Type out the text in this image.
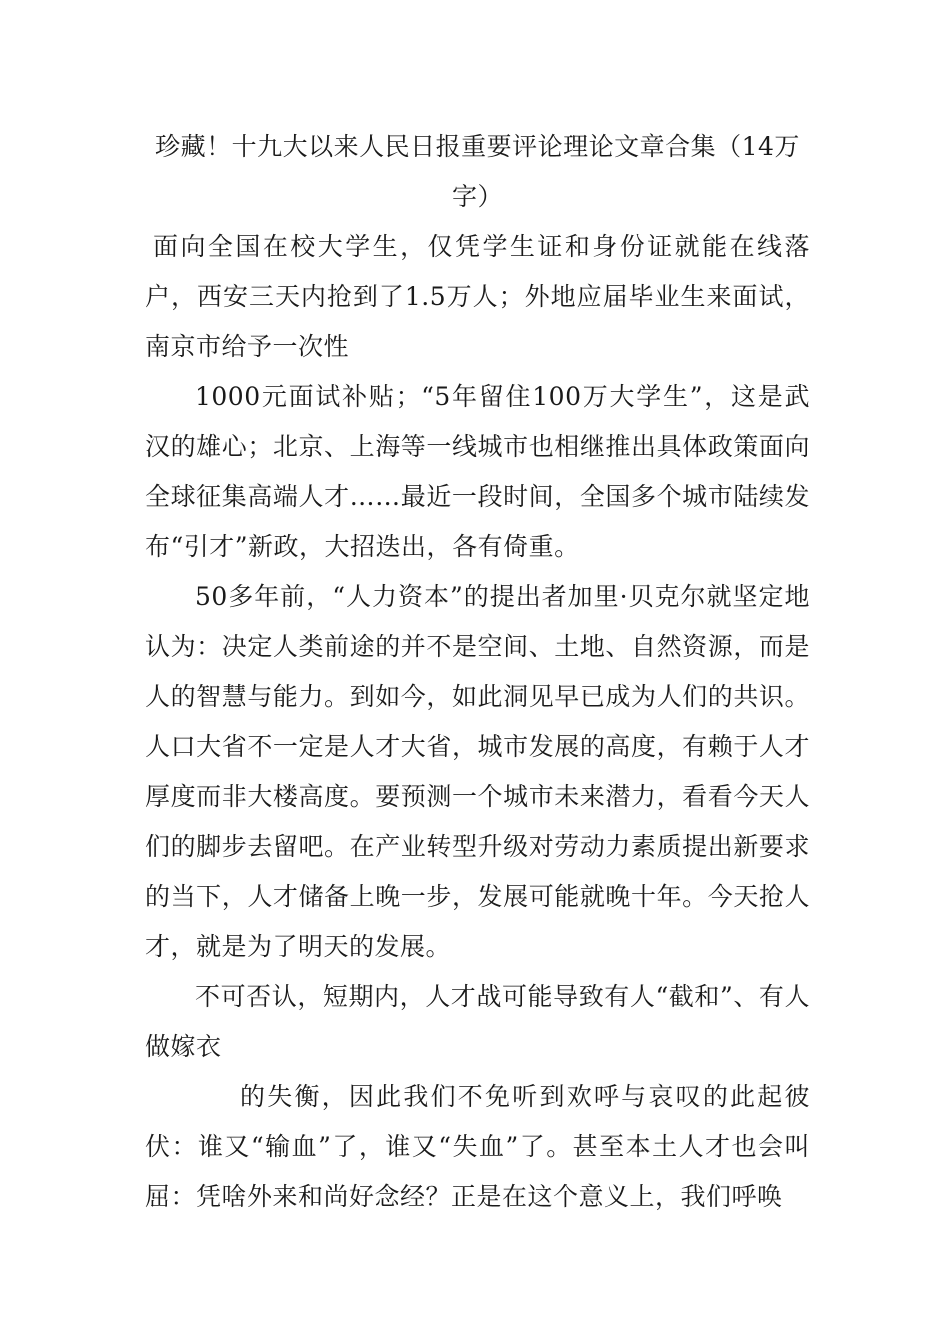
珍藏！十九大以来人民日报重要评论理论文章合集（14万字）

面向全国在校大学生，仅凭学生证和身份证就能在线落户，西安三天内抢到了1.5万人；外地应届毕业生来面试，南京市给予一次性

1000元面试补贴；“5年留住100万大学生”，这是武汉的雄心；北京、上海等一线城市也相继推出具体政策面向全球征集高端人才……最近一段时间，全国多个城市陆续发布“引才”新政，大招迭出，各有倚重。

50多年前，“人力资本”的提出者加里·贝克尔就坚定地认为：决定人类前途的并不是空间、土地、自然资源，而是人的智慧与能力。到如今，如此洞见早已成为人们的共识。人口大省不一定是人才大省，城市发展的高度，有赖于人才厚度而非大楼高度。要预测一个城市未来潜力，看看今天人们的脚步去留吧。在产业转型升级对劳动力素质提出新要求的当下，人才储备上晚一步，发展可能就晚十年。今天抢人才，就是为了明天的发展。

不可否认，短期内，人才战可能导致有人“截和”、有人做嫁衣

的失衡，因此我们不免听到欢呼与哀叹的此起彼伏：谁又“输血”了，谁又“失血”了。甚至本土人才也会叫屈：凭啥外来和尚好念经？正是在这个意义上，我们呼唤
